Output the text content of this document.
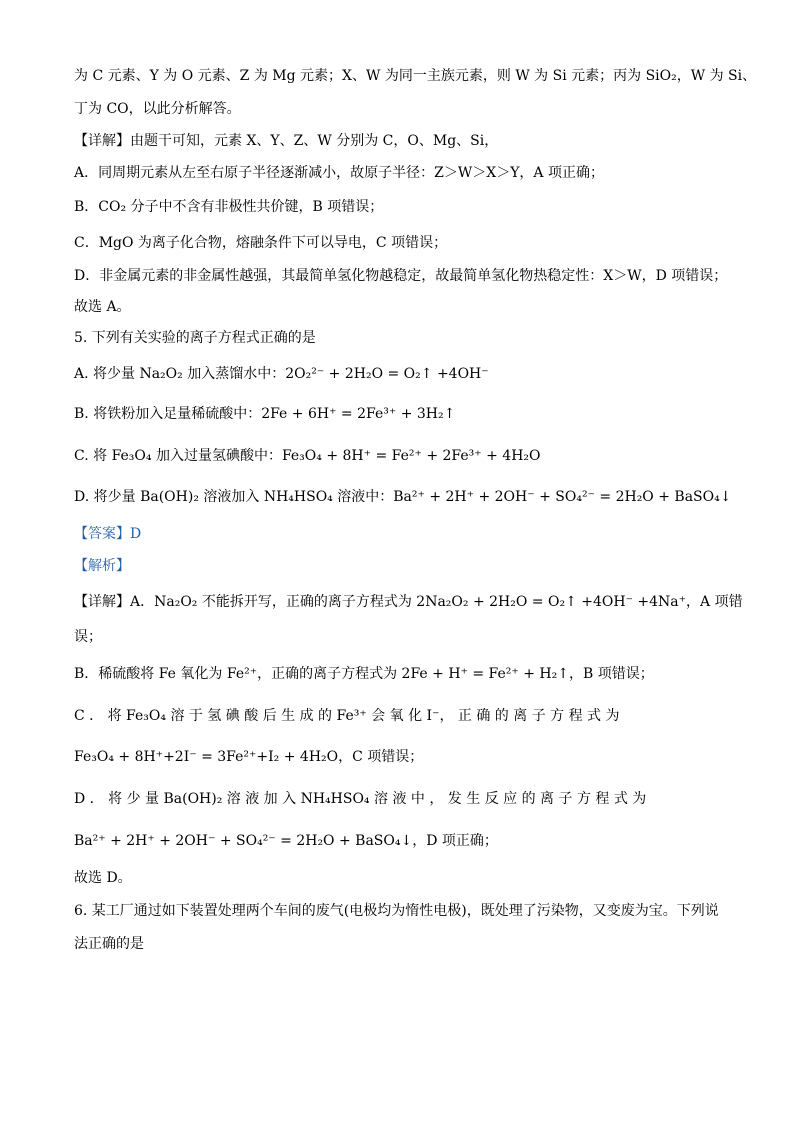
为 C 元素、Y 为 O 元素、Z 为 Mg 元素；X、W 为同一主族元素，则 W 为 Si 元素；丙为 SiO₂，W 为 Si、
丁为 CO，以此分析解答。
【详解】由题干可知，元素 X、Y、Z、W 分别为 C，O、Mg、Si，
A．同周期元素从左至右原子半径逐渐减小，故原子半径：Z＞W＞X＞Y，A 项正确；
B．CO₂ 分子中不含有非极性共价键，B 项错误；
C．MgO 为离子化合物，熔融条件下可以导电，C 项错误；
D．非金属元素的非金属性越强，其最简单氢化物越稳定，故最简单氢化物热稳定性：X＞W，D 项错误；
故选 A。
5. 下列有关实验的离子方程式正确的是
A. 将少量 Na₂O₂ 加入蒸馏水中：2O₂²⁻ + 2H₂O = O₂↑ +4OH⁻
B. 将铁粉加入足量稀硫酸中：2Fe + 6H⁺ = 2Fe³⁺ + 3H₂↑
C. 将 Fe₃O₄ 加入过量氢碘酸中：Fe₃O₄ + 8H⁺ = Fe²⁺ + 2Fe³⁺ + 4H₂O
D. 将少量 Ba(OH)₂ 溶液加入 NH₄HSO₄ 溶液中：Ba²⁺ + 2H⁺ + 2OH⁻ + SO₄²⁻ = 2H₂O + BaSO₄↓
【答案】D
【解析】
【详解】A．Na₂O₂ 不能拆开写，正确的离子方程式为 2Na₂O₂ + 2H₂O = O₂↑ +4OH⁻ +4Na⁺，A 项错
误；
B．稀硫酸将 Fe 氧化为 Fe²⁺，正确的离子方程式为 2Fe + H⁺ = Fe²⁺ + H₂↑，B 项错误；
C ． 将 Fe₃O₄ 溶 于 氢 碘 酸 后 生 成 的 Fe³⁺ 会 氧 化 I⁻， 正 确 的 离 子 方 程 式 为
Fe₃O₄ + 8H⁺+2I⁻ = 3Fe²⁺+I₂ + 4H₂O，C 项错误；
D ． 将 少 量 Ba(OH)₂ 溶 液 加 入 NH₄HSO₄ 溶 液 中 ， 发 生 反 应 的 离 子 方 程 式 为
Ba²⁺ + 2H⁺ + 2OH⁻ + SO₄²⁻ = 2H₂O + BaSO₄↓，D 项正确；
故选 D。
6. 某工厂通过如下装置处理两个车间的废气(电极均为惰性电极)，既处理了污染物，又变废为宝。下列说
法正确的是
